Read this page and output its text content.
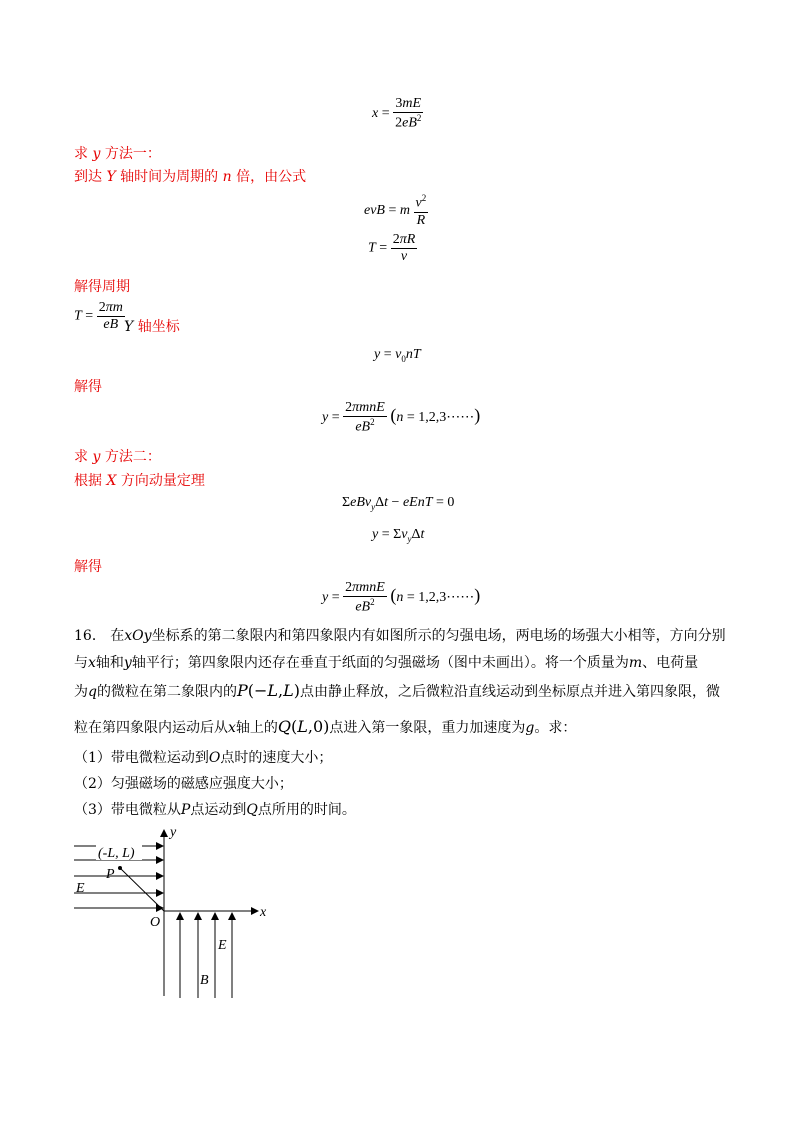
$x = \frac{3mE}{2eB^2}$
求 y 方法一：
到达 Y 轴时间为周期的 n 倍，由公式
evB = m $\frac{v^2}{R}$
$T = \frac{2\pi R}{v}$
解得周期
$T = \frac{2\pi m}{eB}$ Y 轴坐标
$y = v_0nT$
解得
$y = \frac{\text{2πmnE}}{eB^2} (n$ = 1,2,3⋯⋯)
求 y 方法二：
根据 X 方向动量定理
ΣeBv$_y$Δt − eEnT = 0
$y = \Sigma v_y\Delta t$
解得
$y = \frac{\text{2πmnE}}{eB^2} (n$ = 1,2,3⋯⋯)
16． 在xOy坐标系的第二象限内和第四象限内有如图所示的匀强电场，两电场的场强大小相等，方向分别
与x轴和y轴平行；第四象限内还存在垂直于纸面的匀强磁场（图中未画出）。将一个质量为m、电荷量
为q的微粒在第二象限内的P(−L,L)点由静止释放，之后微粒沿直线运动到坐标原点并进入第四象限，微
粒在第四象限内运动后从x轴上的Q(L,0)点进入第一象限，重力加速度为g。求：
（1）带电微粒运动到O点时的速度大小；
（2）匀强磁场的磁感应强度大小；
（3）带电微粒从P点运动到Q点所用的时间。
(-L, L)
P
E
O
x
y
E
B
